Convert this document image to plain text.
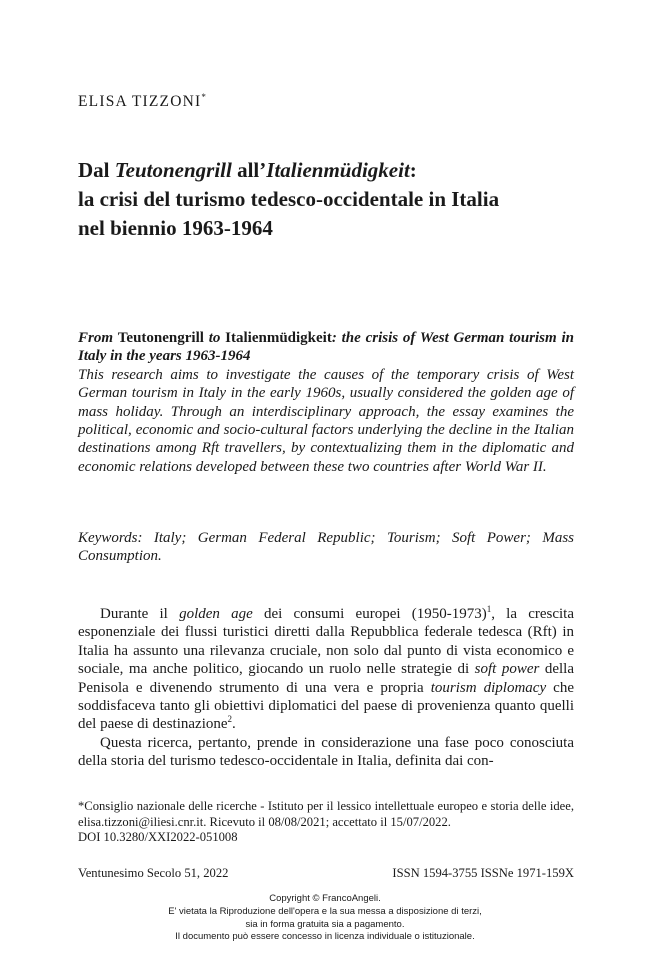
ELISA TIZZONI*
Dal Teutonengrill all’Italienmüdigkeit:
la crisi del turismo tedesco-occidentale in Italia
nel biennio 1963-1964
From Teutonengrill to Italienmüdigkeit: the crisis of West German tourism in Italy in the years 1963-1964
This research aims to investigate the causes of the temporary crisis of West German tourism in Italy in the early 1960s, usually considered the golden age of mass holiday. Through an interdisciplinary approach, the essay examines the political, economic and socio-cultural factors underlying the decline in the Italian destinations among Rft travellers, by contextualizing them in the diplomatic and economic relations developed between these two countries after World War II.
Keywords: Italy; German Federal Republic; Tourism; Soft Power; Mass Consumption.

Durante il golden age dei consumi europei (1950-1973)$^1$, la crescita esponenziale dei flussi turistici diretti dalla Repubblica federale tedesca (Rft) in Italia ha assunto una rilevanza cruciale, non solo dal punto di vista economico e sociale, ma anche politico, giocando un ruolo nelle strategie di soft power della Penisola e divenendo strumento di una vera e propria tourism diplomacy che soddisfaceva tanto gli obiettivi diplomatici del paese di provenienza quanto quelli del paese di destinazione$^2$.

Questa ricerca, pertanto, prende in considerazione una fase poco conosciuta della storia del turismo tedesco-occidentale in Italia, definita dai con-

*Consiglio nazionale delle ricerche - Istituto per il lessico intellettuale europeo e storia delle idee, elisa.tizzoni@iliesi.cnr.it. Ricevuto il 08/08/2021; accettato il 15/07/2022.
DOI 10.3280/XXI2022-051008
Ventunesimo Secolo 51, 2022	ISSN 1594-3755 ISSNe 1971-159X
Copyright © FrancoAngeli.
E' vietata la Riproduzione dell'opera e la sua messa a disposizione di terzi,
sia in forma gratuita sia a pagamento.
Il documento può essere concesso in licenza individuale o istituzionale.
